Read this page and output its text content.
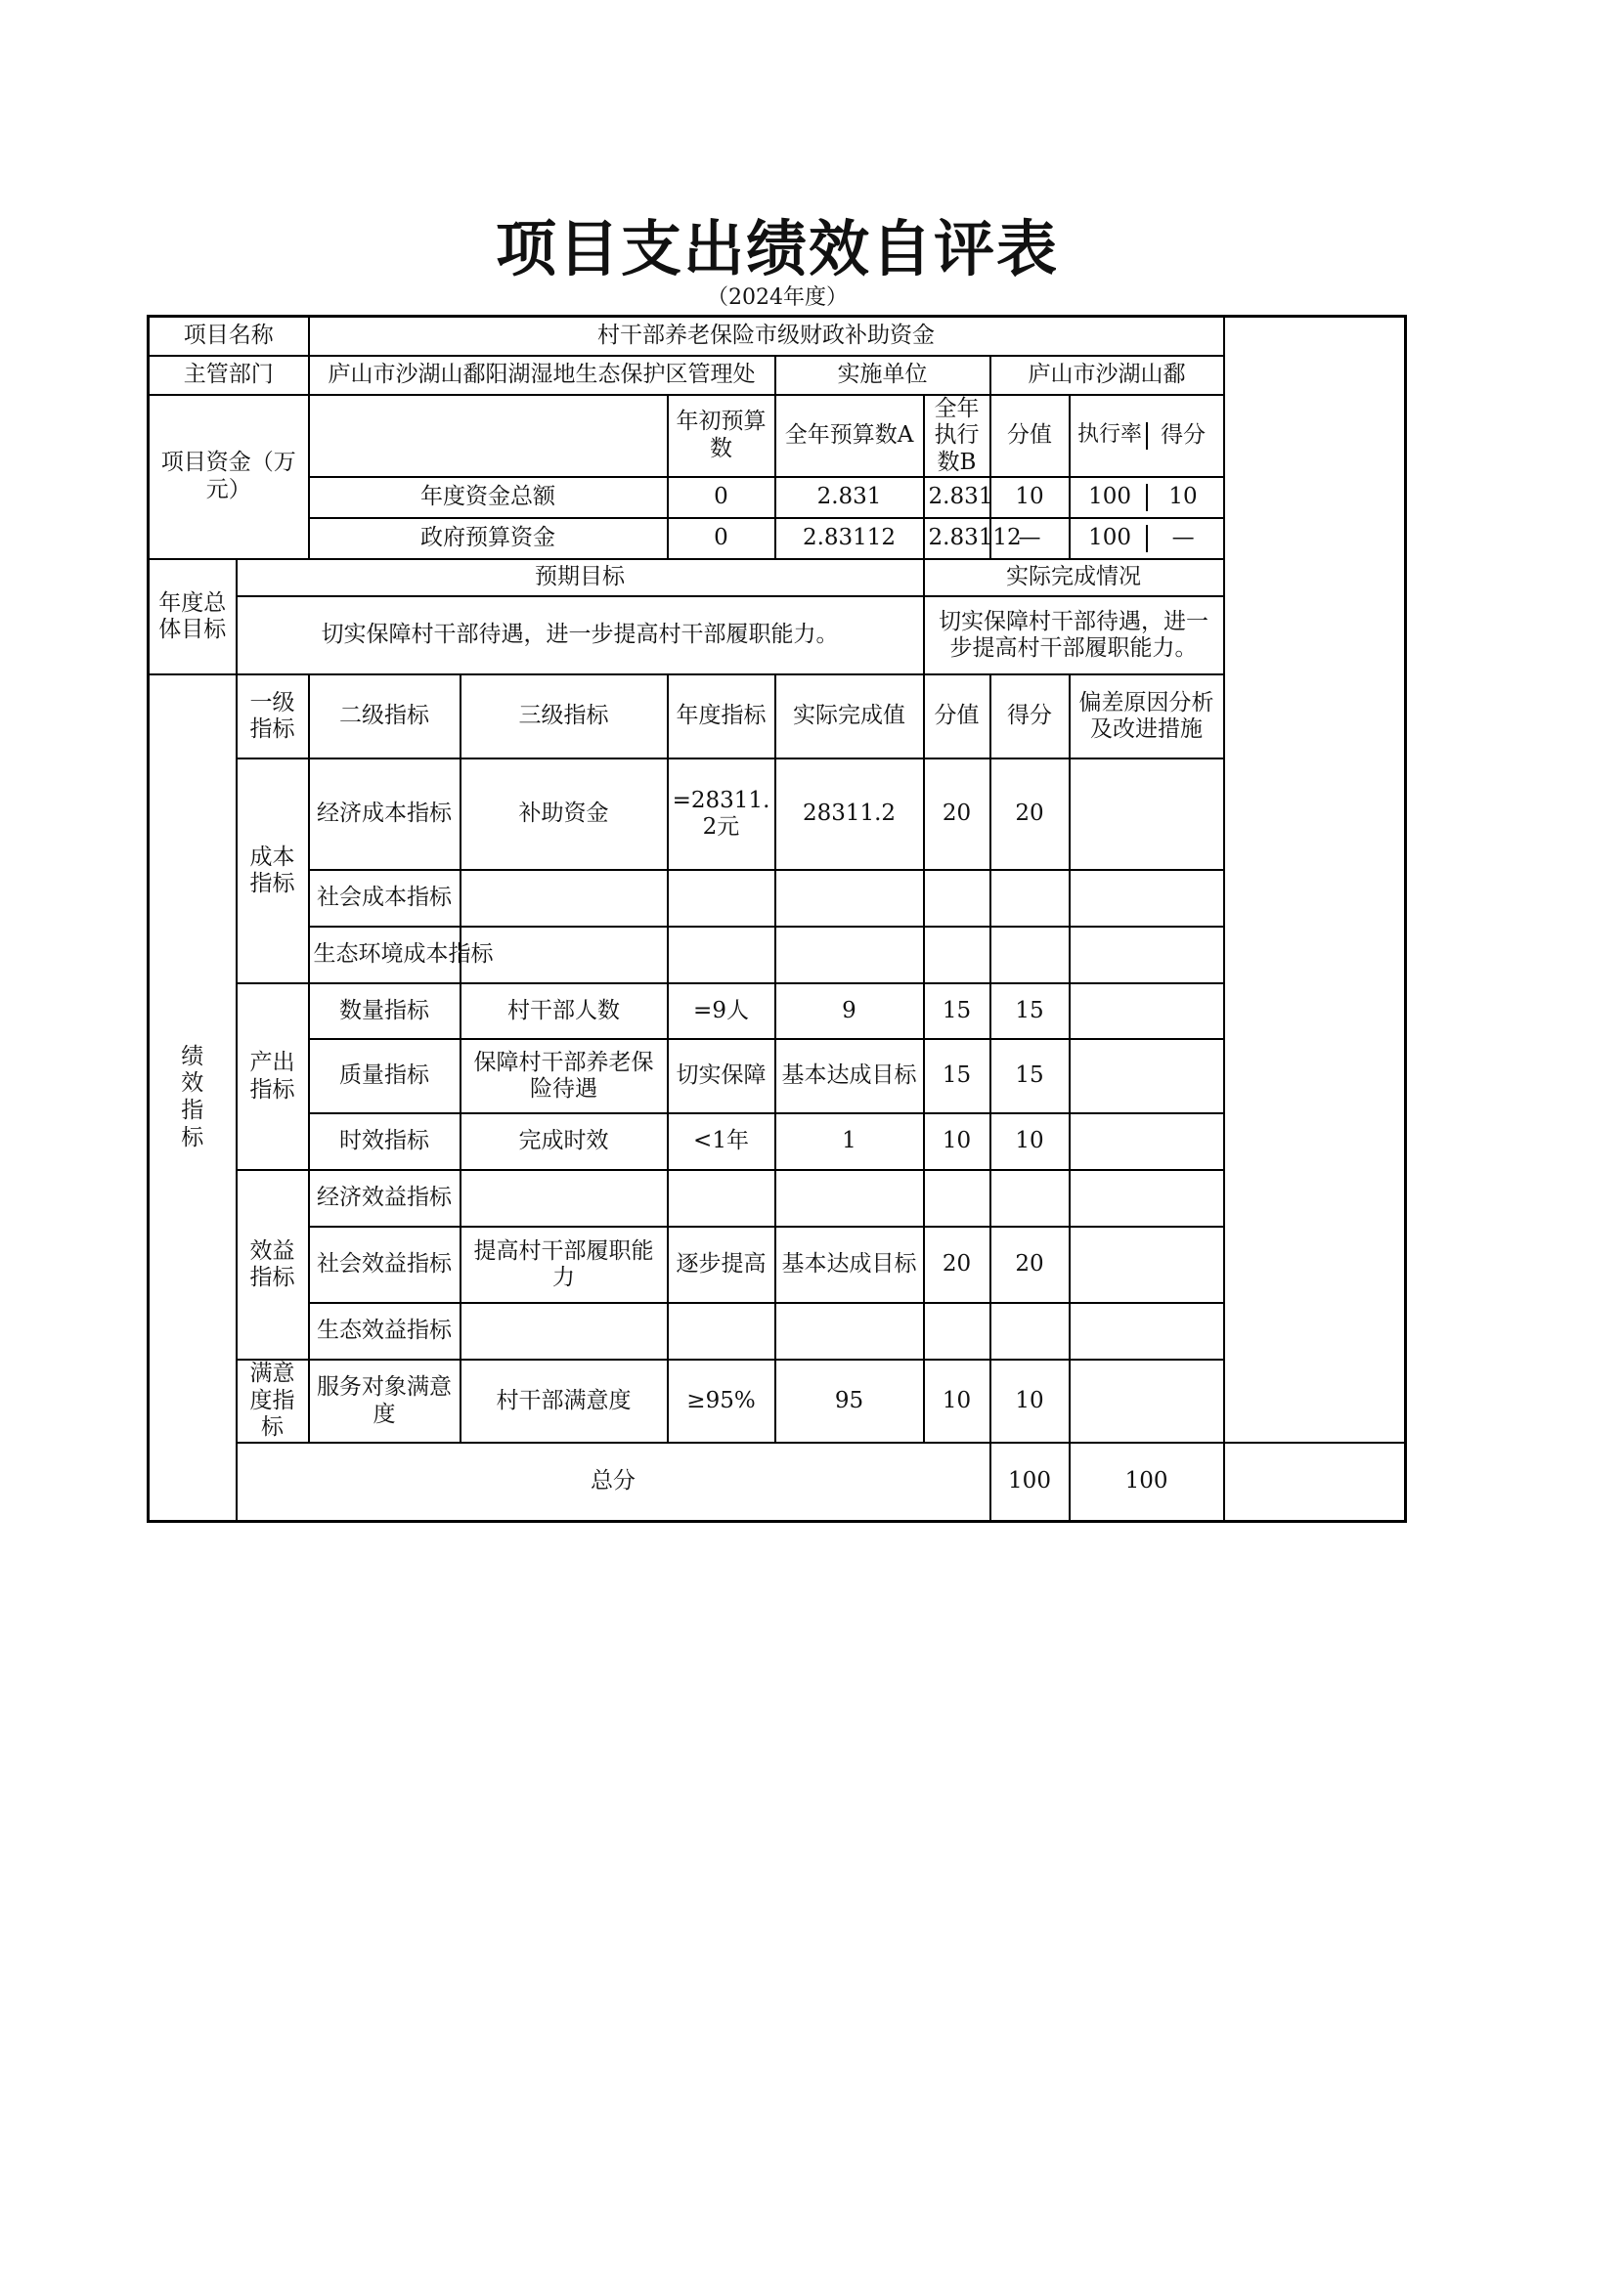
项目支出绩效自评表
（2024年度）
项目名称		村干部养老保险市级财政补助资金							
主管部门		庐山市沙湖山鄱阳湖湿地生态保护区管理处			实施单位		庐山市沙湖山鄱		
项目资金（万元）				年初预算数	全年预算数A	全年执行数B	分值	执行率 得分	

		年度资金总额		0	2.831	2.831	10	100 10	

		政府预算资金		0	2.83112	2.83112	—	100 —	

年度总体目标	预期目标					实际完成情况			
	切实保障村干部待遇，进一步提高村干部履职能力。					切实保障村干部待遇，进一步提高村干部履职能力。			
绩效指标	一级指标	二级指标	三级指标	年度指标	实际完成值	分值	得分	偏差原因分析及改进措施	
	成本指标	经济成本指标	补助资金	=28311.2元	28311.2	20	20		
		社会成本指标							
		生态环境成本指标							
	产出指标	数量指标	村干部人数	=9人	9	15	15		
		质量指标	保障村干部养老保险待遇	切实保障	基本达成目标	15	15		
		时效指标	完成时效	<1年	1	10	10		
	效益指标	经济效益指标							
		社会效益指标	提高村干部履职能力	逐步提高	基本达成目标	20	20		
		生态效益指标							
	满意度指标	服务对象满意度	村干部满意度	≥95%	95	10	10		
	总分						100	100	
